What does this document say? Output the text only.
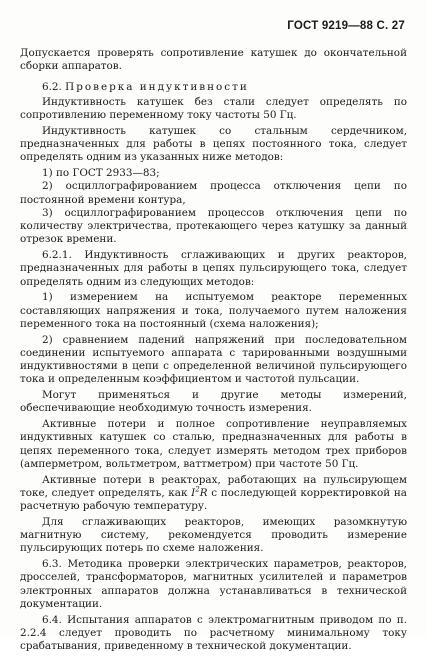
ГОСТ 9219—88 С. 27

Допускается проверять сопротивление катушек до окончательной сборки аппаратов.

6.2. Проверка индуктивности

Индуктивность катушек без стали следует определять по сопротивлению переменному току частоты 50 Гц.

Индуктивность катушек со стальным сердечником, предназначенных для работы в цепях постоянного тока, следует определять одним из указанных ниже методов:

1) по ГОСТ 2933—83;

2) осциллографированием процесса отключения цепи по постоянной времени контура,

3) осциллографированием процессов отключения цепи по количеству электричества, протекающего через катушку за данный отрезок времени.

6.2.1. Индуктивность сглаживающих и других реакторов, предназначенных для работы в цепях пульсирующего тока, следует определять одним из следующих методов:

1) измерением на испытуемом реакторе переменных составляющих напряжения и тока, получаемого путем наложения переменного тока на постоянный (схема наложения);

2) сравнением падений напряжений при последовательном соединении испытуемого аппарата с тарированными воздушными индуктивностями в цепи с определенной величиной пульсирующего тока и определенным коэффициентом и частотой пульсации.

Могут применяться и другие методы измерений, обеспечивающие необходимую точность измерения.

Активные потери и полное сопротивление неуправляемых индуктивных катушек со сталью, предназначенных для работы в цепях переменного тока, следует измерять методом трех приборов (амперметром, вольтметром, ваттметром) при частоте 50 Гц.

Активные потери в реакторах, работающих на пульсирующем токе, следует определять, как $I^2R$ с последующей корректировкой на расчетную рабочую температуру.

Для сглаживающих реакторов, имеющих разомкнутую магнитную систему, рекомендуется проводить измерение пульсирующих потерь по схеме наложения.

6.3. Методика проверки электрических параметров, реакторов, дросселей, трансформаторов, магнитных усилителей и параметров электронных аппаратов должна устанавливаться в технической документации.

6.4. Испытания аппаратов с электромагнитным приводом по п. 2.2.4 следует проводить по расчетному минимальному току срабатывания, приведенному в технической документации.
